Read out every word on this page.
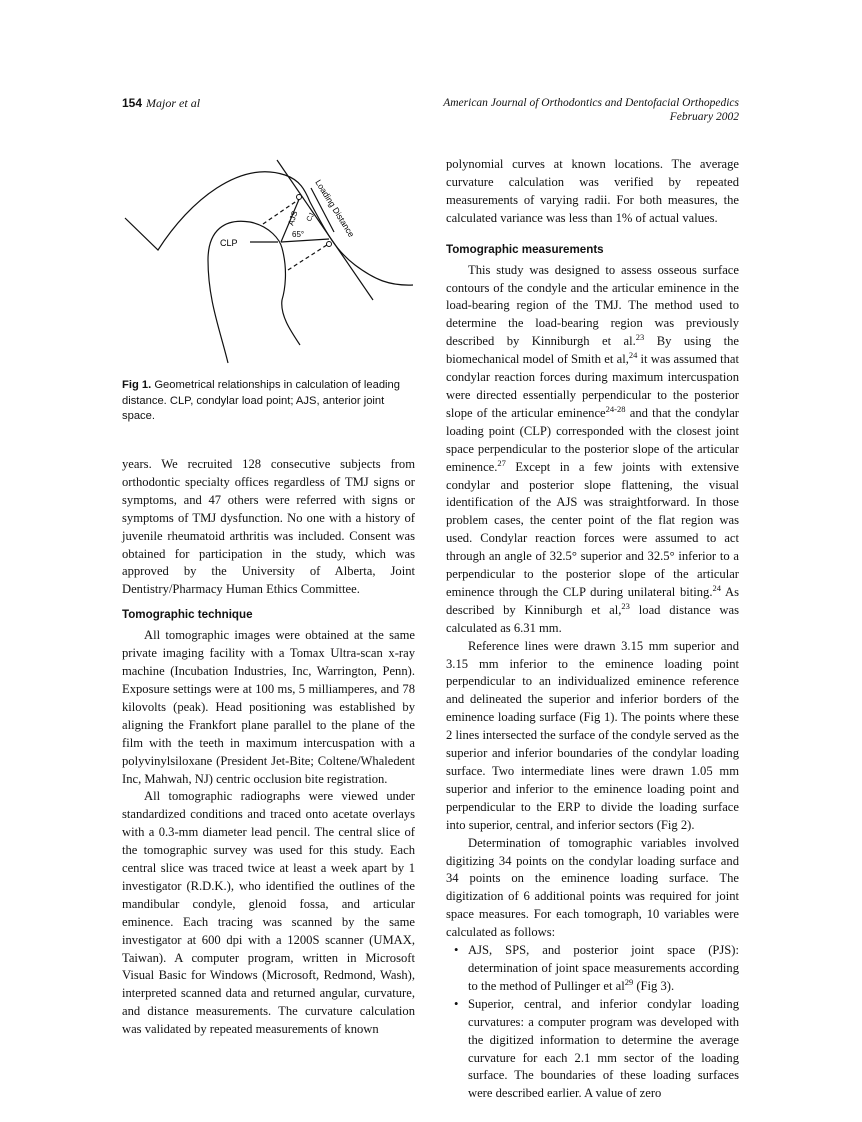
154 Major et al	American Journal of Orthodontics and Dentofacial Orthopedics
February 2002
CLP
65°
AJS CJ
Loading Distance
Fig 1. Geometrical relationships in calculation of leading distance. CLP, condylar load point; AJS, anterior joint space.

years. We recruited 128 consecutive subjects from orthodontic specialty offices regardless of TMJ signs or symptoms, and 47 others were referred with signs or symptoms of TMJ dysfunction. No one with a history of juvenile rheumatoid arthritis was included. Consent was obtained for participation in the study, which was approved by the University of Alberta, Joint Dentistry/Pharmacy Human Ethics Committee.

Tomographic technique

All tomographic images were obtained at the same private imaging facility with a Tomax Ultra-scan x-ray machine (Incubation Industries, Inc, Warrington, Penn). Exposure settings were at 100 ms, 5 milliamperes, and 78 kilovolts (peak). Head positioning was established by aligning the Frankfort plane parallel to the plane of the film with the teeth in maximum intercuspation with a polyvinylsiloxane (President Jet-Bite; Coltene/Whaledent Inc, Mahwah, NJ) centric occlusion bite registration.

All tomographic radiographs were viewed under standardized conditions and traced onto acetate overlays with a 0.3-mm diameter lead pencil. The central slice of the tomographic survey was used for this study. Each central slice was traced twice at least a week apart by 1 investigator (R.D.K.), who identified the outlines of the mandibular condyle, glenoid fossa, and articular eminence. Each tracing was scanned by the same investigator at 600 dpi with a 1200S scanner (UMAX, Taiwan). A computer program, written in Microsoft Visual Basic for Windows (Microsoft, Redmond, Wash), interpreted scanned data and returned angular, curvature, and distance measurements. The curvature calculation was validated by repeated measurements of known

polynomial curves at known locations. The average curvature calculation was verified by repeated measurements of varying radii. For both measures, the calculated variance was less than 1% of actual values.

Tomographic measurements

This study was designed to assess osseous surface contours of the condyle and the articular eminence in the load-bearing region of the TMJ. The method used to determine the load-bearing region was previously described by Kinniburgh et al.$^{23}$ By using the biomechanical model of Smith et al,$^{24}$ it was assumed that condylar reaction forces during maximum intercuspation were directed essentially perpendicular to the posterior slope of the articular eminence$^{24-28}$ and that the condylar loading point (CLP) corresponded with the closest joint space perpendicular to the posterior slope of the articular eminence.$^{27}$ Except in a few joints with extensive condylar and posterior slope flattening, the visual identification of the AJS was straightforward. In those problem cases, the center point of the flat region was used. Condylar reaction forces were assumed to act through an angle of 32.5° superior and 32.5° inferior to a perpendicular to the posterior slope of the articular eminence through the CLP during unilateral biting.$^{24}$ As described by Kinniburgh et al,$^{23}$ load distance was calculated as 6.31 mm.

Reference lines were drawn 3.15 mm superior and 3.15 mm inferior to the eminence loading point perpendicular to an individualized eminence reference and delineated the superior and inferior borders of the eminence loading surface (Fig 1). The points where these 2 lines intersected the surface of the condyle served as the superior and inferior boundaries of the condylar loading surface. Two intermediate lines were drawn 1.05 mm superior and inferior to the eminence loading point and perpendicular to the ERP to divide the loading surface into superior, central, and inferior sectors (Fig 2).

Determination of tomographic variables involved digitizing 34 points on the condylar loading surface and 34 points on the eminence loading surface. The digitization of 6 additional points was required for joint space measures. For each tomograph, 10 variables were calculated as follows:

• AJS, SPS, and posterior joint space (PJS): determination of joint space measurements according to the method of Pullinger et $al^{29}$ (Fig 3).
• Superior, central, and inferior condylar loading curvatures: a computer program was developed with the digitized information to determine the average curvature for each 2.1 mm sector of the loading surface. The boundaries of these loading surfaces were described earlier. A value of zero
